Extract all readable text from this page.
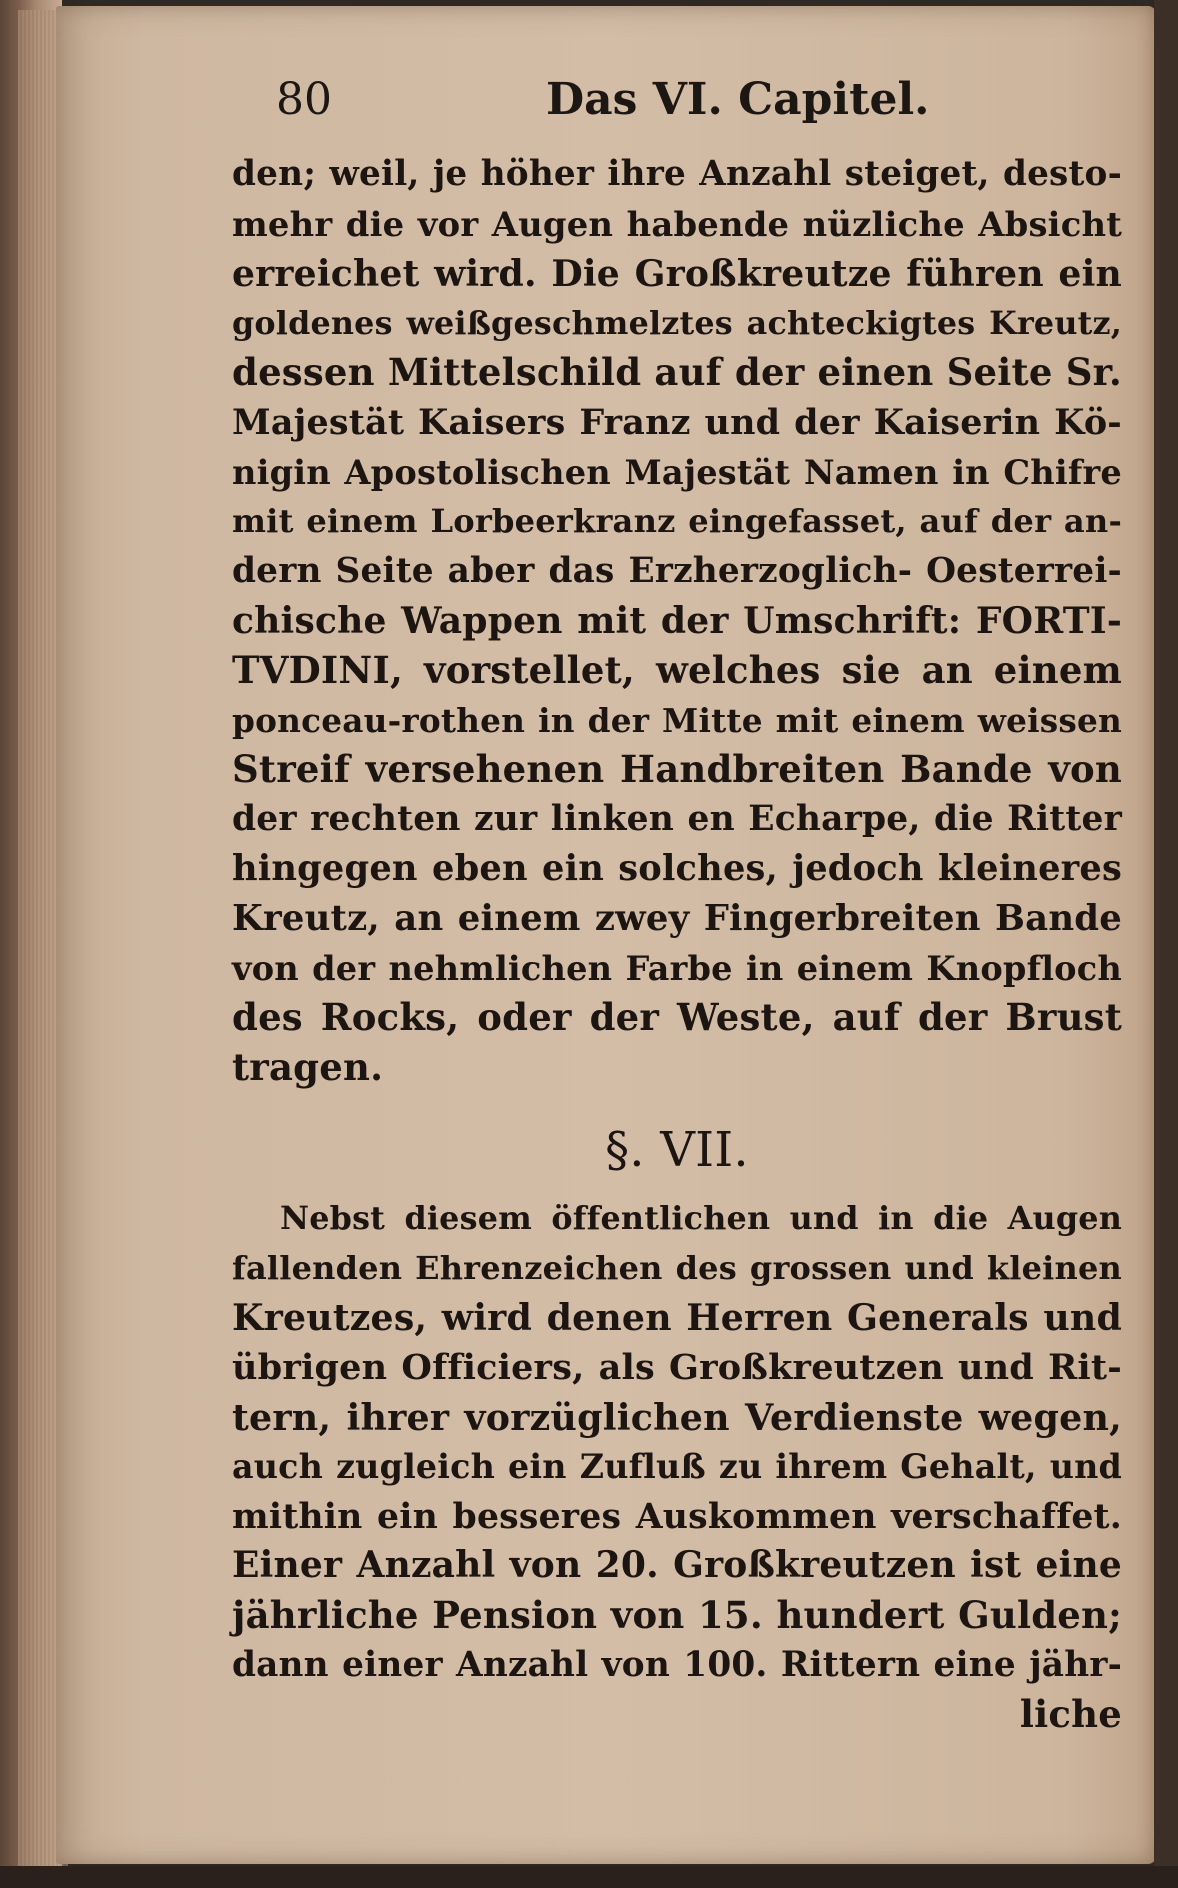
80	Das VI. Capitel.
den; weil, je höher ihre Anzahl steiget, desto-
mehr die vor Augen habende nüzliche Absicht
erreichet wird. Die Großkreutze führen ein
goldenes weißgeschmelztes achteckigtes Kreutz,
dessen Mittelschild auf der einen Seite Sr.
Majestät Kaisers Franz und der Kaiserin Kö-
nigin Apostolischen Majestät Namen in Chifre
mit einem Lorbeerkranz eingefasset, auf der an-
dern Seite aber das Erzherzoglich- Oesterrei-
chische Wappen mit der Umschrift: FORTI-
TVDINI, vorstellet, welches sie an einem
ponceau-rothen in der Mitte mit einem weissen
Streif versehenen Handbreiten Bande von
der rechten zur linken en Echarpe, die Ritter
hingegen eben ein solches, jedoch kleineres
Kreutz, an einem zwey Fingerbreiten Bande
von der nehmlichen Farbe in einem Knopfloch
des Rocks, oder der Weste, auf der Brust
tragen.
§. VII.
Nebst diesem öffentlichen und in die Augen
fallenden Ehrenzeichen des grossen und kleinen
Kreutzes, wird denen Herren Generals und
übrigen Officiers, als Großkreutzen und Rit-
tern, ihrer vorzüglichen Verdienste wegen,
auch zugleich ein Zufluß zu ihrem Gehalt, und
mithin ein besseres Auskommen verschaffet.
Einer Anzahl von 20. Großkreutzen ist eine
jährliche Pension von 15. hundert Gulden;
dann einer Anzahl von 100. Rittern eine jähr-
liche
